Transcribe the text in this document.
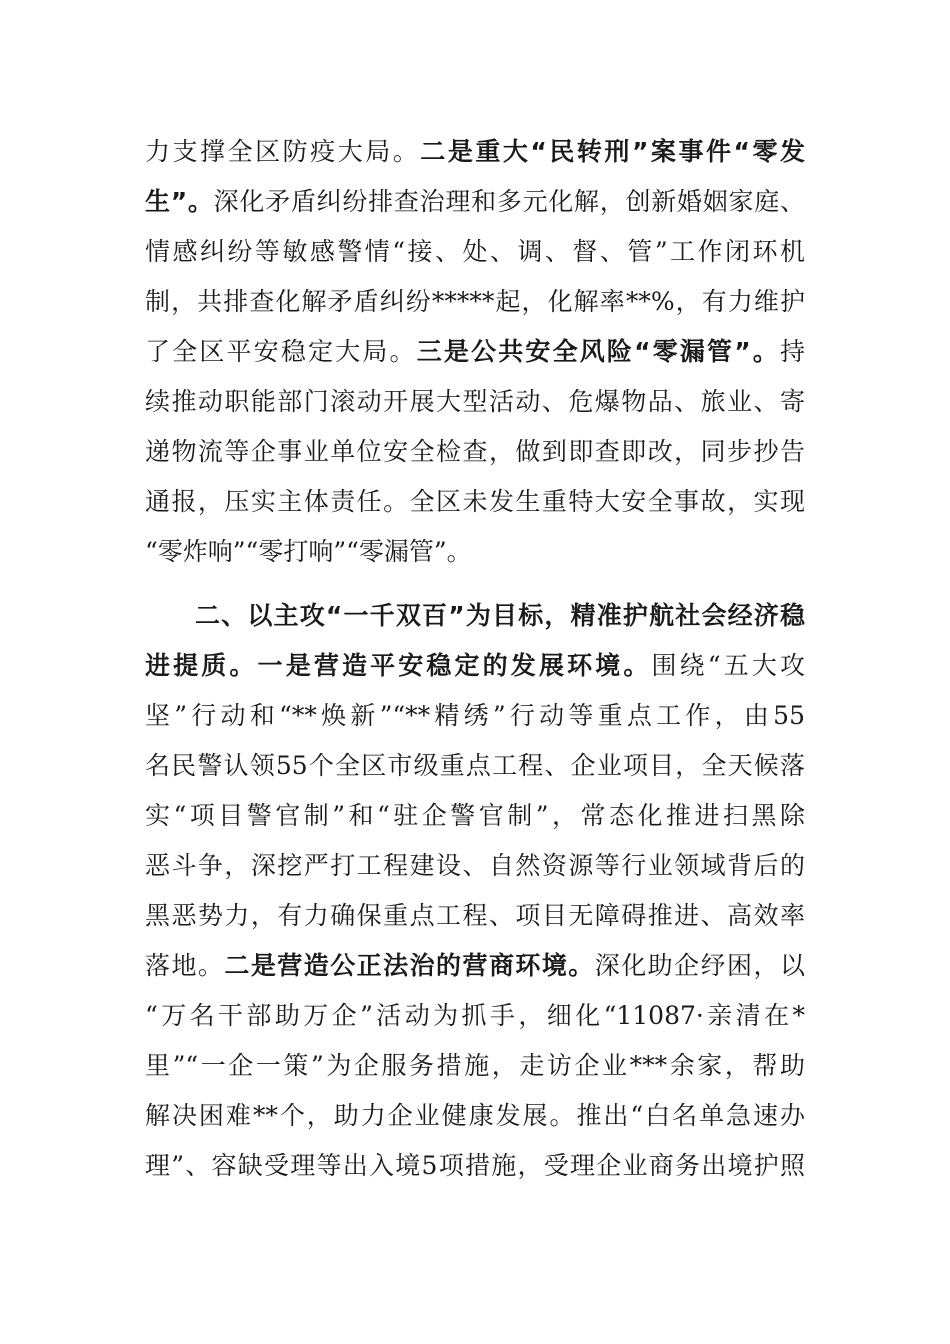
力支撑全区防疫大局。二是重大“民转刑”案事件“零发
生”。深化矛盾纠纷排查治理和多元化解，创新婚姻家庭、
情感纠纷等敏感警情“接、处、调、督、管”工作闭环机
制，共排查化解矛盾纠纷*****起，化解率**%，有力维护
了全区平安稳定大局。三是公共安全风险“零漏管”。持
续推动职能部门滚动开展大型活动、危爆物品、旅业、寄
递物流等企事业单位安全检查，做到即查即改，同步抄告
通报，压实主体责任。全区未发生重特大安全事故，实现
“零炸响”“零打响”“零漏管”。
二、以主攻“一千双百”为目标，精准护航社会经济稳
进提质。一是营造平安稳定的发展环境。围绕“五大攻
坚”行动和“**焕新”“**精绣”行动等重点工作，由55
名民警认领55个全区市级重点工程、企业项目，全天候落
实“项目警官制”和“驻企警官制”，常态化推进扫黑除
恶斗争，深挖严打工程建设、自然资源等行业领域背后的
黑恶势力，有力确保重点工程、项目无障碍推进、高效率
落地。二是营造公正法治的营商环境。深化助企纾困，以
“万名干部助万企”活动为抓手，细化“11087·亲清在*
里”“一企一策”为企服务措施，走访企业***余家，帮助
解决困难**个，助力企业健康发展。推出“白名单急速办
理”、容缺受理等出入境5项措施，受理企业商务出境护照
